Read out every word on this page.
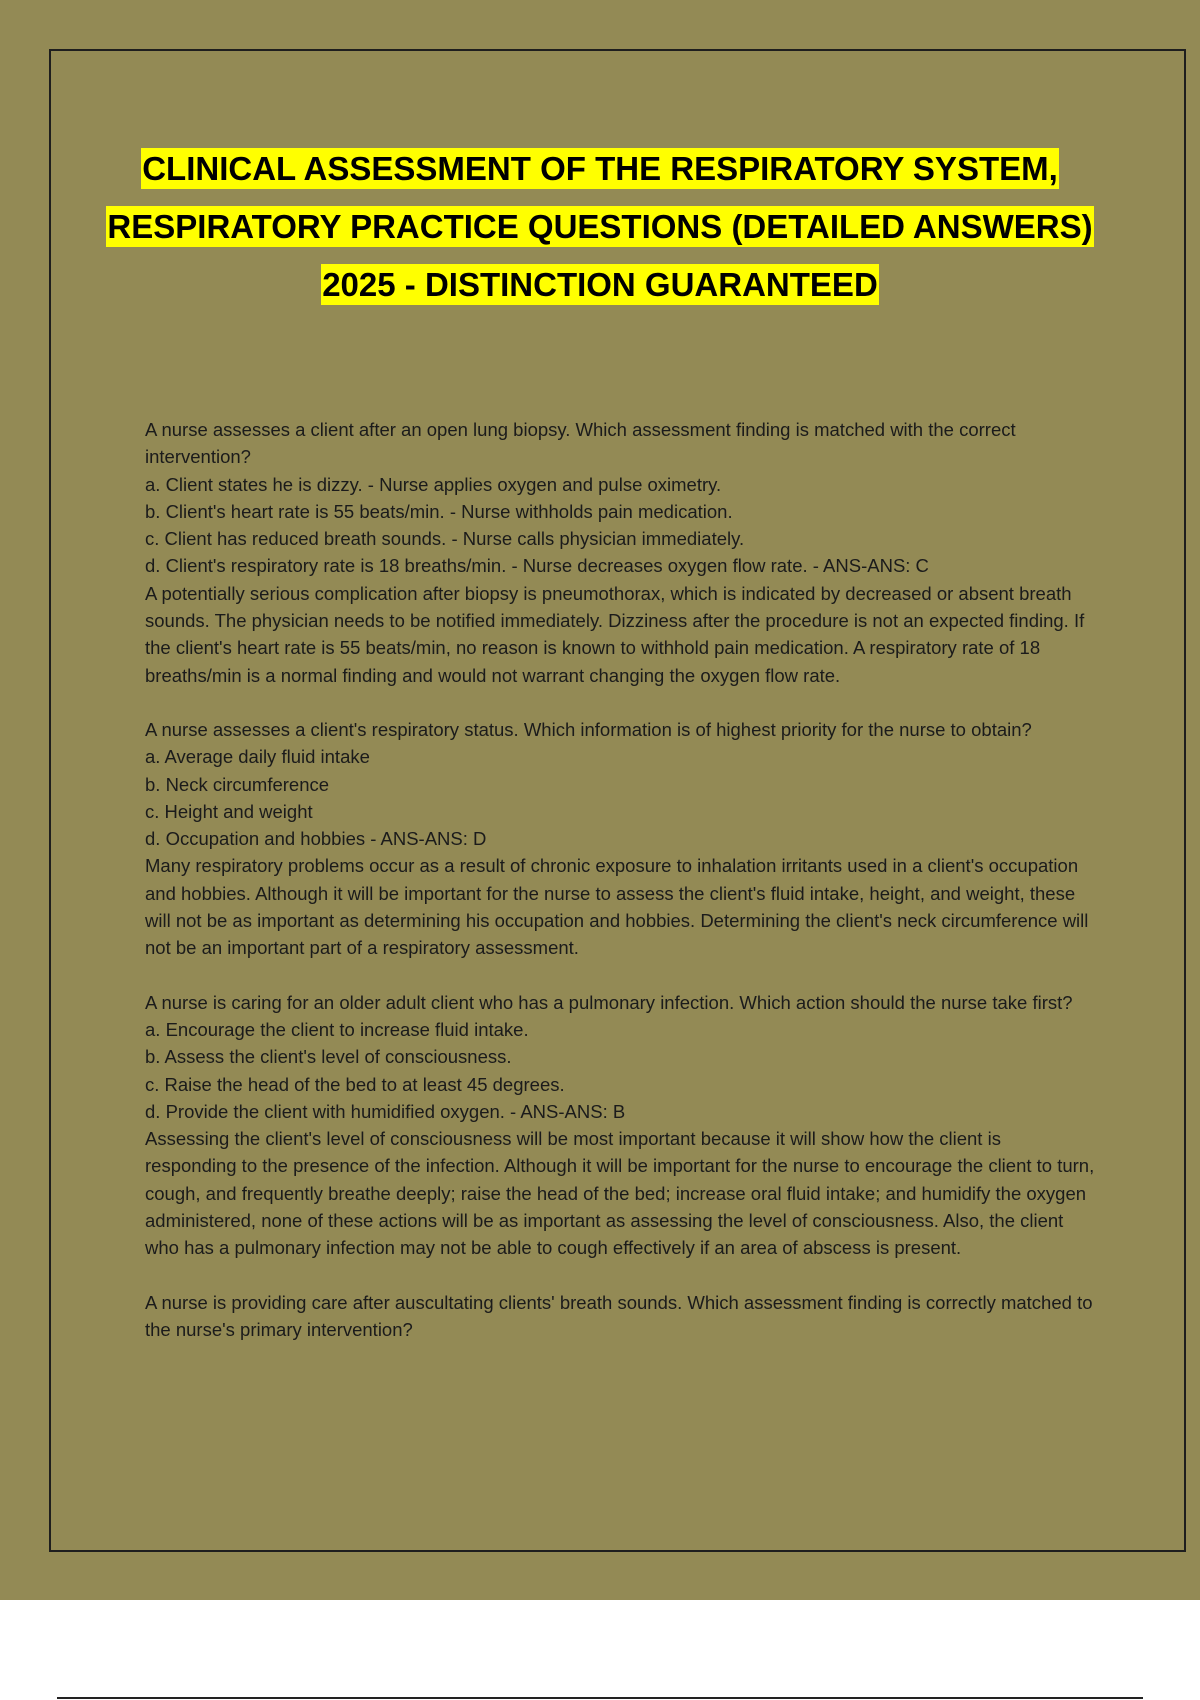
CLINICAL ASSESSMENT OF THE RESPIRATORY SYSTEM, RESPIRATORY PRACTICE QUESTIONS (DETAILED ANSWERS) 2025 - DISTINCTION GUARANTEED

A nurse assesses a client after an open lung biopsy. Which assessment finding is matched with the correct intervention?

a. Client states he is dizzy. - Nurse applies oxygen and pulse oximetry.

b. Client's heart rate is 55 beats/min. - Nurse withholds pain medication.

c. Client has reduced breath sounds. - Nurse calls physician immediately.

d. Client's respiratory rate is 18 breaths/min. - Nurse decreases oxygen flow rate. - ANS-ANS: C

A potentially serious complication after biopsy is pneumothorax, which is indicated by decreased or absent breath sounds. The physician needs to be notified immediately. Dizziness after the procedure is not an expected finding. If the client's heart rate is 55 beats/min, no reason is known to withhold pain medication. A respiratory rate of 18 breaths/min is a normal finding and would not warrant changing the oxygen flow rate.

A nurse assesses a client's respiratory status. Which information is of highest priority for the nurse to obtain?

a. Average daily fluid intake

b. Neck circumference

c. Height and weight

d. Occupation and hobbies - ANS-ANS: D

Many respiratory problems occur as a result of chronic exposure to inhalation irritants used in a client's occupation and hobbies. Although it will be important for the nurse to assess the client's fluid intake, height, and weight, these will not be as important as determining his occupation and hobbies. Determining the client's neck circumference will not be an important part of a respiratory assessment.

A nurse is caring for an older adult client who has a pulmonary infection. Which action should the nurse take first?

a. Encourage the client to increase fluid intake.

b. Assess the client's level of consciousness.

c. Raise the head of the bed to at least 45 degrees.

d. Provide the client with humidified oxygen. - ANS-ANS: B

Assessing the client's level of consciousness will be most important because it will show how the client is responding to the presence of the infection. Although it will be important for the nurse to encourage the client to turn, cough, and frequently breathe deeply; raise the head of the bed; increase oral fluid intake; and humidify the oxygen administered, none of these actions will be as important as assessing the level of consciousness. Also, the client who has a pulmonary infection may not be able to cough effectively if an area of abscess is present.

A nurse is providing care after auscultating clients' breath sounds. Which assessment finding is correctly matched to the nurse's primary intervention?
